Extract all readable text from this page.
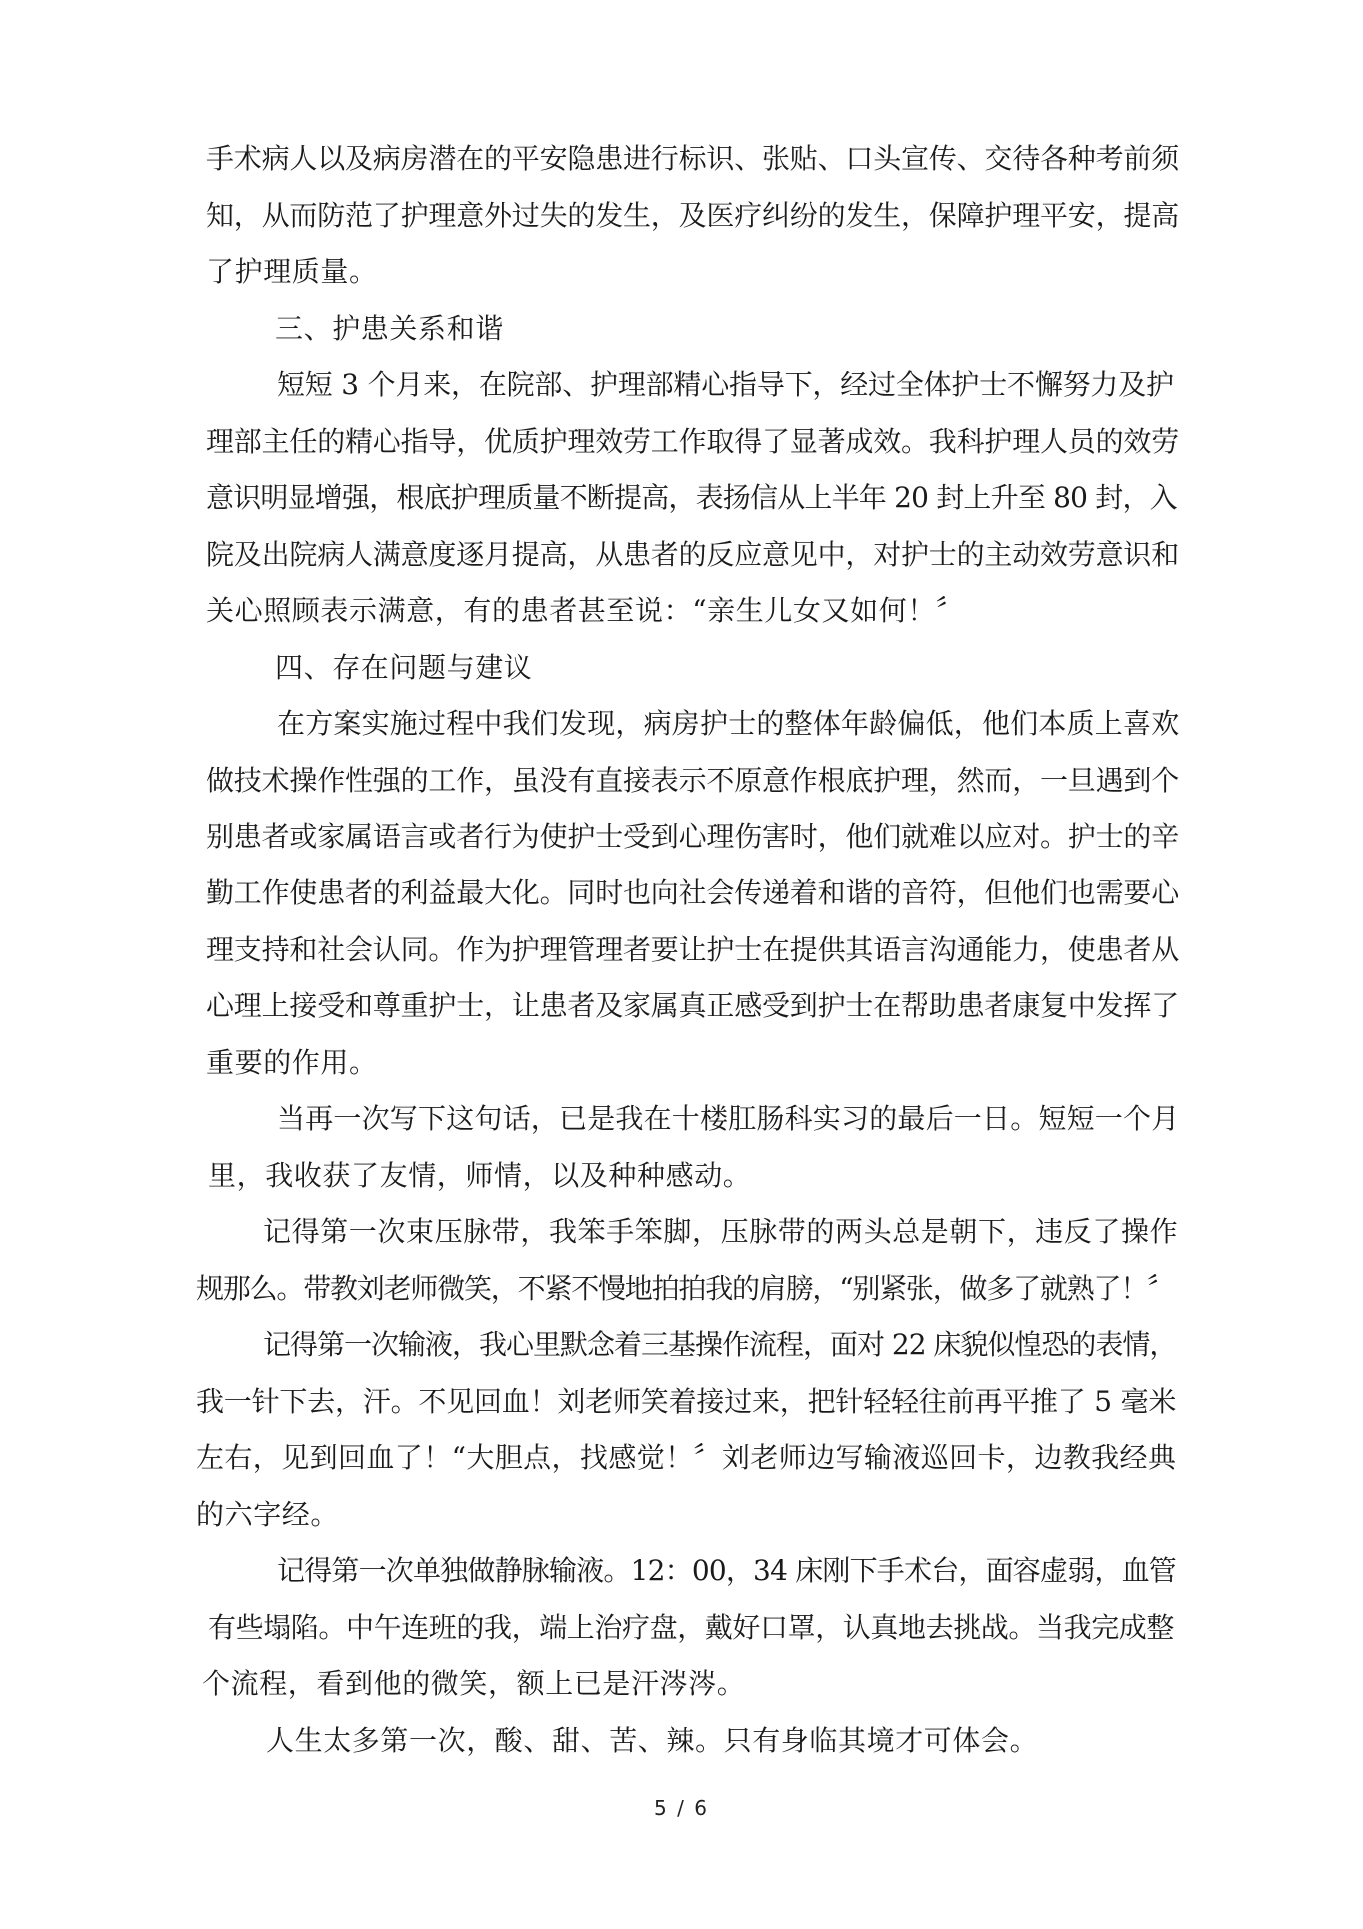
手术病人以及病房潜在的平安隐患进行标识、张贴、口头宣传、交待各种考前须
知，从而防范了护理意外过失的发生，及医疗纠纷的发生，保障护理平安，提高
了护理质量。
三、护患关系和谐
短短 3 个月来，在院部、护理部精心指导下，经过全体护士不懈努力及护
理部主任的精心指导，优质护理效劳工作取得了显著成效。我科护理人员的效劳
意识明显增强，根底护理质量不断提高，表扬信从上半年 20 封上升至 80 封，入
院及出院病人满意度逐月提高，从患者的反应意见中，对护士的主动效劳意识和
关心照顾表示满意，有的患者甚至说：“亲生儿女又如何！〞
四、存在问题与建议
在方案实施过程中我们发现，病房护士的整体年龄偏低，他们本质上喜欢
做技术操作性强的工作，虽没有直接表示不原意作根底护理，然而，一旦遇到个
别患者或家属语言或者行为使护士受到心理伤害时，他们就难以应对。护士的辛
勤工作使患者的利益最大化。同时也向社会传递着和谐的音符，但他们也需要心
理支持和社会认同。作为护理管理者要让护士在提供其语言沟通能力，使患者从
心理上接受和尊重护士，让患者及家属真正感受到护士在帮助患者康复中发挥了
重要的作用。
当再一次写下这句话，已是我在十楼肛肠科实习的最后一日。短短一个月
里，我收获了友情，师情，以及种种感动。
记得第一次束压脉带，我笨手笨脚，压脉带的两头总是朝下，违反了操作
规那么。带教刘老师微笑，不紧不慢地拍拍我的肩膀，“别紧张，做多了就熟了！〞
记得第一次输液，我心里默念着三基操作流程，面对 22 床貌似惶恐的表情，
我一针下去，汗。不见回血！刘老师笑着接过来，把针轻轻往前再平推了 5 毫米
左右，见到回血了！“大胆点，找感觉！〞刘老师边写输液巡回卡，边教我经典
的六字经。
记得第一次单独做静脉输液。12：00，34 床刚下手术台，面容虚弱，血管
有些塌陷。中午连班的我，端上治疗盘，戴好口罩，认真地去挑战。当我完成整
个流程，看到他的微笑，额上已是汗涔涔。
人生太多第一次，酸、甜、苦、辣。只有身临其境才可体会。
5 / 6
